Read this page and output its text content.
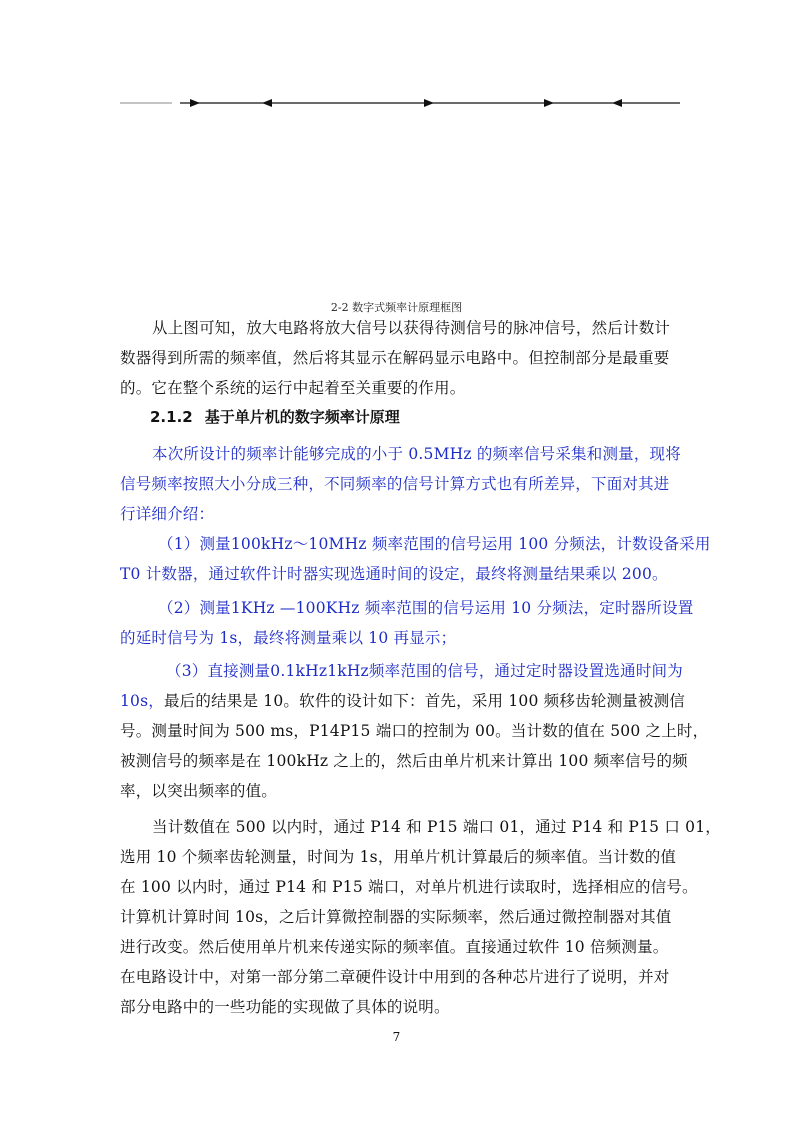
2-2 数字式频率计原理框图

从上图可知，放大电路将放大信号以获得待测信号的脉冲信号，然后计数计
数器得到所需的频率值，然后将其显示在解码显示电路中。但控制部分是最重要
的。它在整个系统的运行中起着至关重要的作用。

2.1.2 基于单片机的数字频率计原理

本次所设计的频率计能够完成的小于 0.5MHz 的频率信号采集和测量，现将
信号频率按照大小分成三种，不同频率的信号计算方式也有所差异，下面对其进
行详细介绍：

（1）测量100kHz～10MHz 频率范围的信号运用 100 分频法，计数设备采用
T0 计数器，通过软件计时器实现选通时间的设定，最终将测量结果乘以 200。

（2）测量1KHz —100KHz 频率范围的信号运用 10 分频法，定时器所设置
的延时信号为 1s，最终将测量乘以 10 再显示；

（3）直接测量0.1kHz1kHz频率范围的信号，通过定时器设置选通时间为
10s，最后的结果是 10。软件的设计如下：首先，采用 100 频移齿轮测量被测信
号。测量时间为 500 ms，P14P15 端口的控制为 00。当计数的值在 500 之上时，
被测信号的频率是在 100kHz 之上的，然后由单片机来计算出 100 频率信号的频
率，以突出频率的值。

当计数值在 500 以内时，通过 P14 和 P15 端口 01，通过 P14 和 P15 口 01，
选用 10 个频率齿轮测量，时间为 1s，用单片机计算最后的频率值。当计数的值
在 100 以内时，通过 P14 和 P15 端口，对单片机进行读取时，选择相应的信号。
计算机计算时间 10s，之后计算微控制器的实际频率，然后通过微控制器对其值
进行改变。然后使用单片机来传递实际的频率值。直接通过软件 10 倍频测量。
在电路设计中，对第一部分第二章硬件设计中用到的各种芯片进行了说明，并对
部分电路中的一些功能的实现做了具体的说明。

7
